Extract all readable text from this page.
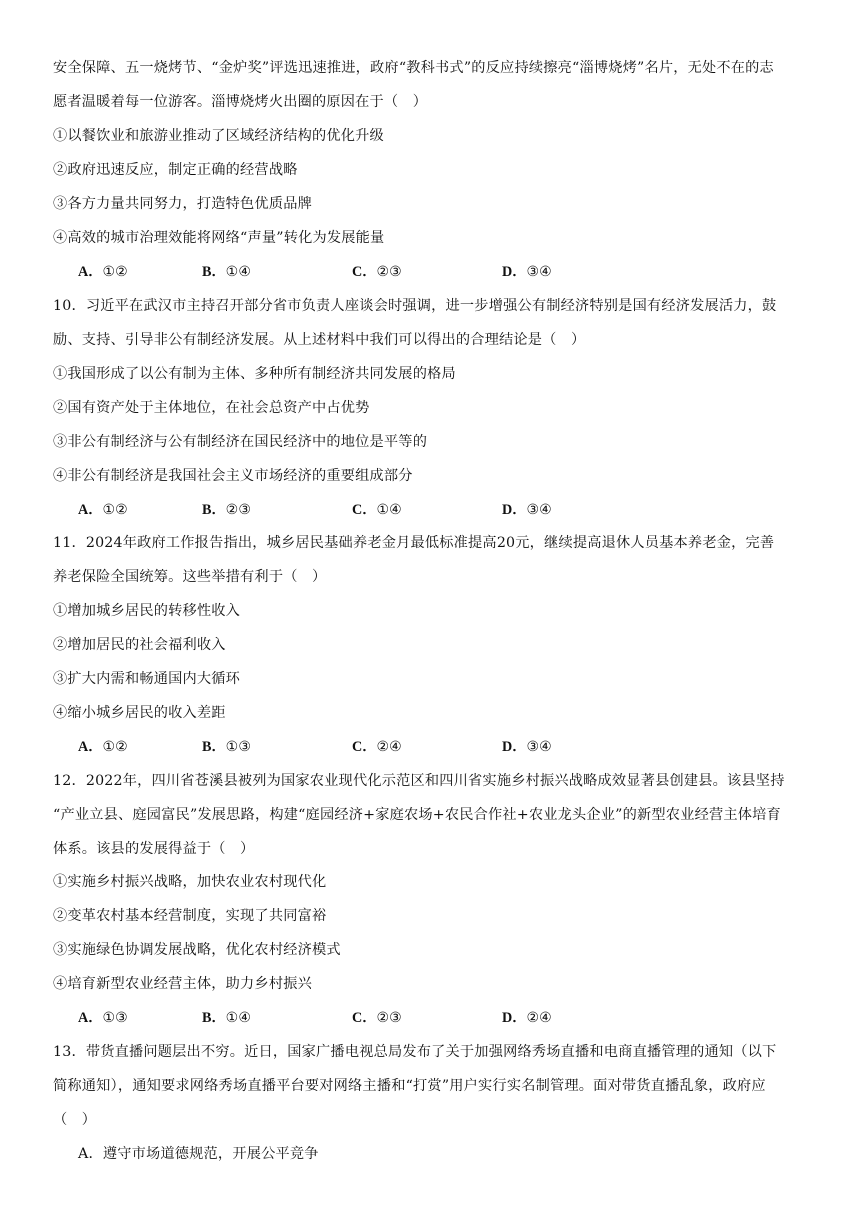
安全保障、五一烧烤节、“金炉奖”评选迅速推进，政府“教科书式”的反应持续擦亮“淄博烧烤”名片，无处不在的志
愿者温暖着每一位游客。淄博烧烤火出圈的原因在于（　）
①以餐饮业和旅游业推动了区域经济结构的优化升级
②政府迅速反应，制定正确的经营战略
③各方力量共同努力，打造特色优质品牌
④高效的城市治理效能将网络“声量”转化为发展能量
A．①②	B．①④	C．②③	D．③④
10．习近平在武汉市主持召开部分省市负责人座谈会时强调，进一步增强公有制经济特别是国有经济发展活力，鼓
励、支持、引导非公有制经济发展。从上述材料中我们可以得出的合理结论是（　）
①我国形成了以公有制为主体、多种所有制经济共同发展的格局
②国有资产处于主体地位，在社会总资产中占优势
③非公有制经济与公有制经济在国民经济中的地位是平等的
④非公有制经济是我国社会主义市场经济的重要组成部分
A．①②	B．②③	C．①④	D．③④
11．2024年政府工作报告指出，城乡居民基础养老金月最低标准提高20元，继续提高退休人员基本养老金，完善
养老保险全国统筹。这些举措有利于（　）
①增加城乡居民的转移性收入
②增加居民的社会福利收入
③扩大内需和畅通国内大循环
④缩小城乡居民的收入差距
A．①②	B．①③	C．②④	D．③④
12．2022年，四川省苍溪县被列为国家农业现代化示范区和四川省实施乡村振兴战略成效显著县创建县。该县坚持
“产业立县、庭园富民”发展思路，构建“庭园经济+家庭农场+农民合作社+农业龙头企业”的新型农业经营主体培育
体系。该县的发展得益于（　）
①实施乡村振兴战略，加快农业农村现代化
②变革农村基本经营制度，实现了共同富裕
③实施绿色协调发展战略，优化农村经济模式
④培育新型农业经营主体，助力乡村振兴
A．①③	B．①④	C．②③	D．②④
13．带货直播问题层出不穷。近日，国家广播电视总局发布了关于加强网络秀场直播和电商直播管理的通知（以下
简称通知），通知要求网络秀场直播平台要对网络主播和“打赏”用户实行实名制管理。面对带货直播乱象，政府应
（　）
A．遵守市场道德规范，开展公平竞争
